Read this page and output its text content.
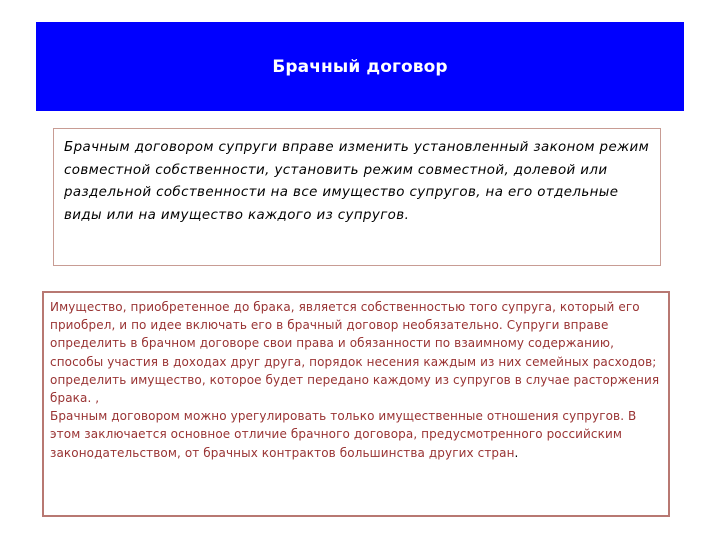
Брачный договор

Брачным договором супруги вправе изменить установленный законом режим совместной собственности, установить режим совместной, долевой или раздельной собственности на все имущество супругов, на его отдельные виды или на имущество каждого из супругов.

Имущество, приобретенное до брака, является собственностью того супруга, который его приобрел, и по идее включать его в брачный договор необязательно. Супруги вправе определить в брачном договоре свои права и обязанности по взаимному содержанию, способы участия в доходах друг друга, порядок несения каждым из них семейных расходов; определить имущество, которое будет передано каждому из супругов в случае расторжения брака. ,

Брачным договором можно урегулировать только имущественные отношения супругов. В этом заключается основное отличие брачного договора, предусмотренного российским законодательством, от брачных контрактов большинства других стран.
